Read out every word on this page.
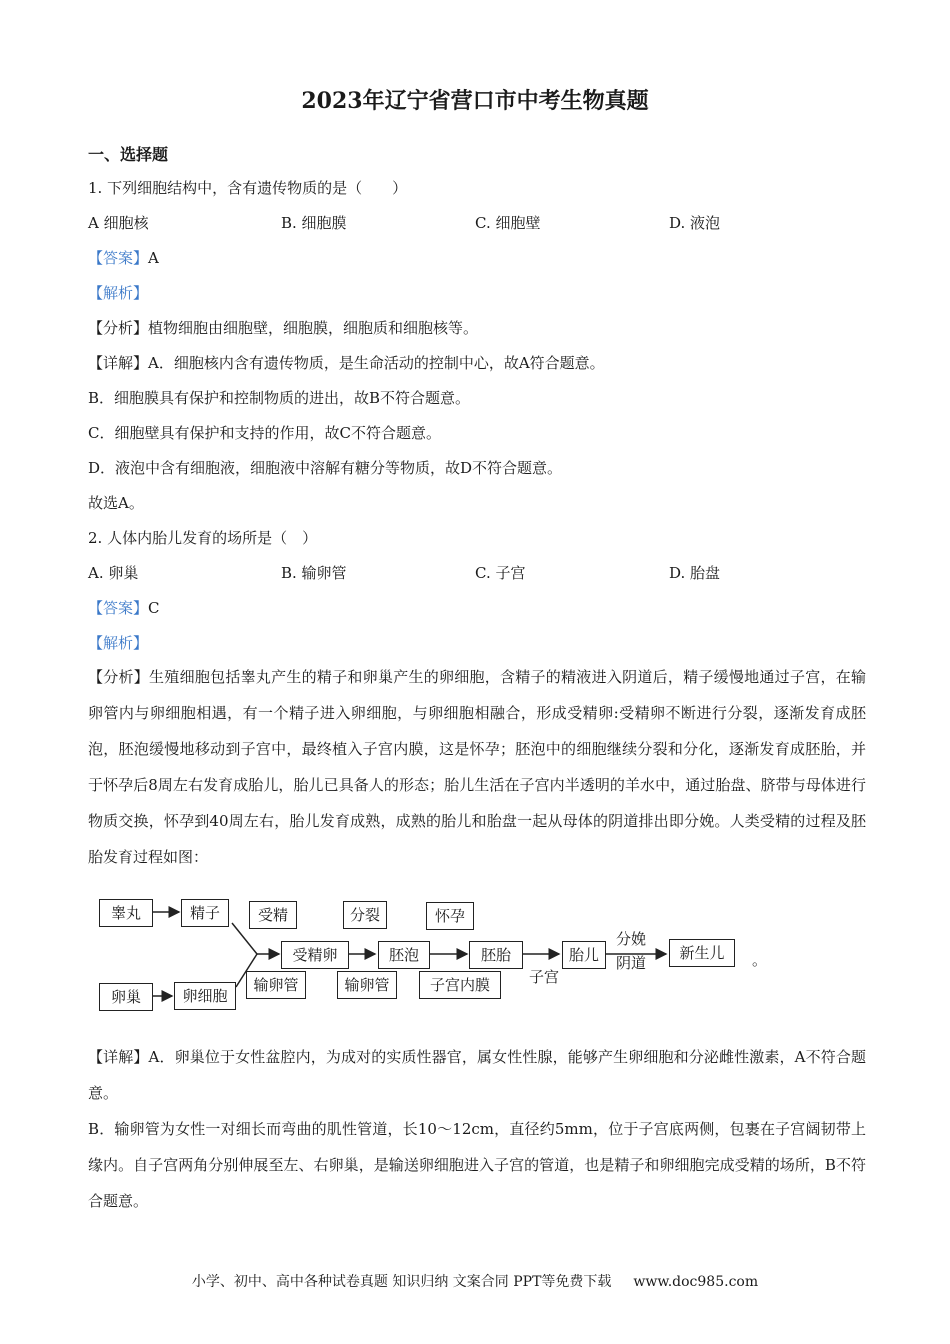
2023年辽宁省营口市中考生物真题
一、选择题
1. 下列细胞结构中，含有遗传物质的是（　　）
A 细胞核	B. 细胞膜	C. 细胞壁	D. 液泡
【答案】A
【解析】
【分析】植物细胞由细胞壁，细胞膜，细胞质和细胞核等。
【详解】A．细胞核内含有遗传物质，是生命活动的控制中心，故A符合题意。
B．细胞膜具有保护和控制物质的进出，故B不符合题意。
C．细胞壁具有保护和支持的作用，故C不符合题意。
D．液泡中含有细胞液，细胞液中溶解有糖分等物质，故D不符合题意。
故选A。
2. 人体内胎儿发育的场所是（　）
A. 卵巢	B. 输卵管	C. 子宫	D. 胎盘
【答案】C
【解析】
【分析】生殖细胞包括睾丸产生的精子和卵巢产生的卵细胞，含精子的精液进入阴道后，精子缓慢地通过子宫，在输卵管内与卵细胞相遇，有一个精子进入卵细胞，与卵细胞相融合，形成受精卵:受精卵不断进行分裂，逐渐发育成胚泡，胚泡缓慢地移动到子宫中，最终植入子宫内膜，这是怀孕；胚泡中的细胞继续分裂和分化，逐渐发育成胚胎，并于怀孕后8周左右发育成胎儿，胎儿已具备人的形态；胎儿生活在子宫内半透明的羊水中，通过胎盘、脐带与母体进行物质交换，怀孕到40周左右，胎儿发育成熟，成熟的胎儿和胎盘一起从母体的阴道排出即分娩。人类受精的过程及胚胎发育过程如图：
睾丸	精子	受精	分裂	怀孕
受精卵	胚泡	胚胎	胎儿	新生儿
分娩
阴道
子宫
。
卵巢	卵细胞
输卵管	输卵管	子宫内膜
【详解】A．卵巢位于女性盆腔内，为成对的实质性器官，属女性性腺，能够产生卵细胞和分泌雌性激素，A不符合题意。
B．输卵管为女性一对细长而弯曲的肌性管道，长10～12cm，直径约5mm，位于子宫底两侧，包裹在子宫阔韧带上缘内。自子宫两角分别伸展至左、右卵巢，是输送卵细胞进入子宫的管道，也是精子和卵细胞完成受精的场所，B不符合题意。
小学、初中、高中各种试卷真题 知识归纳 文案合同 PPT等免费下载 www.doc985.com
